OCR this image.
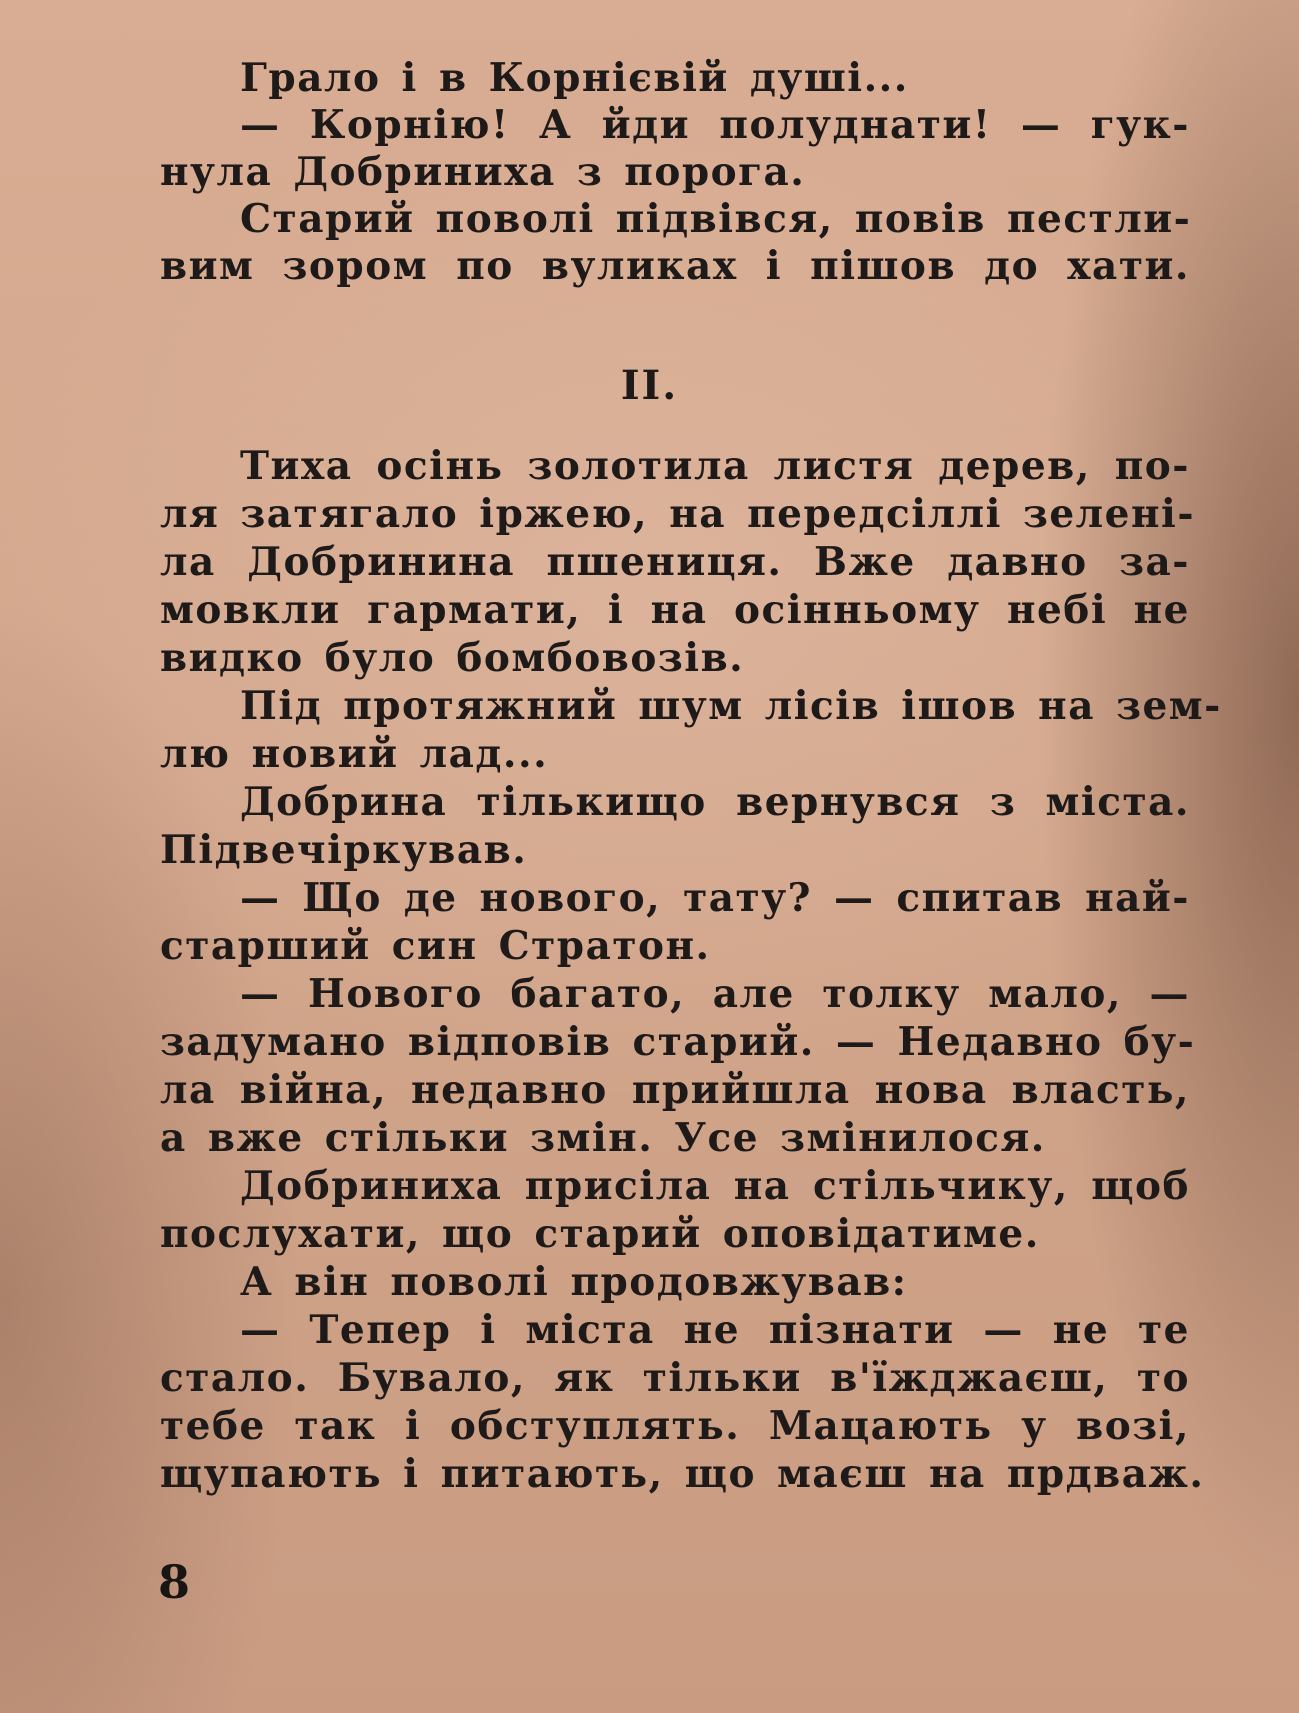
Грало і в Корнієвій душі...
— Корнію! А йди полуднати! — гук-
нула Добриниха з порога.
Старий поволі підвівся, повів пестли-
вим зором по вуликах і пішов до хати.
II.
Тиха осінь золотила листя дерев, по-
ля затягало іржею, на передсіллі зелені-
ла Добринина пшениця. Вже давно за-
мовкли гармати, і на осінньому небі не
видко було бомбовозів.
Під протяжний шум лісів ішов на зем-
лю новий лад...
Добрина тількищо вернувся з міста.
Підвечіркував.
— Що де нового, тату? — спитав най-
старший син Стратон.
— Нового багато, але толку мало, —
задумано відповів старий. — Недавно бу-
ла війна, недавно прийшла нова власть,
а вже стільки змін. Усе змінилося.
Добриниха присіла на стільчику, щоб
послухати, що старий оповідатиме.
А він поволі продовжував:
— Тепер і міста не пізнати — не те
стало. Бувало, як тільки в'їжджаєш, то
тебе так і обступлять. Мацають у возі,
щупають і питають, що маєш на прдваж.
8
